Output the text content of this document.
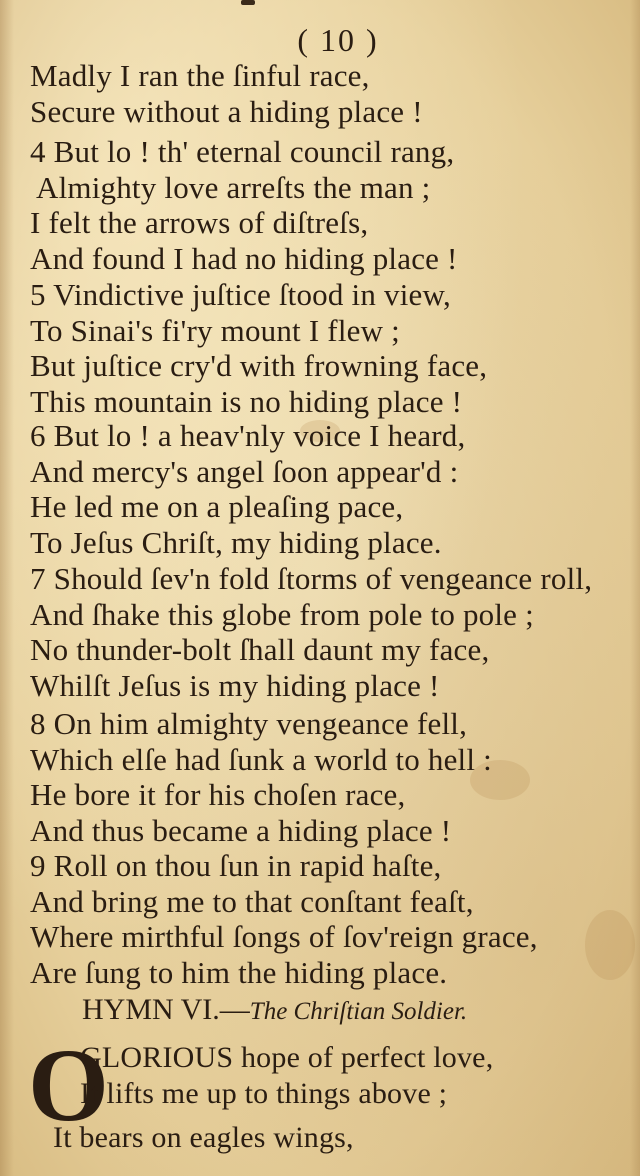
( 10 )
Madly I ran the ſinful race,
Secure without a hiding place !
4 But lo ! th' eternal council rang,
Almighty love arreſts the man ;
I felt the arrows of diſtreſs,
And found I had no hiding place !
5 Vindictive juſtice ſtood in view,
To Sinai's fi'ry mount I flew ;
But juſtice cry'd with frowning face,
This mountain is no hiding place !
6 But lo ! a heav'nly voice I heard,
And mercy's angel ſoon appear'd :
He led me on a pleaſing pace,
To Jeſus Chriſt, my hiding place.
7 Should ſev'n fold ſtorms of vengeance roll,
And ſhake this globe from pole to pole ;
No thunder-bolt ſhall daunt my face,
Whilſt Jeſus is my hiding place !
8 On him almighty vengeance fell,
Which elſe had ſunk a world to hell :
He bore it for his choſen race,
And thus became a hiding place !
9 Roll on thou ſun in rapid haſte,
And bring me to that conſtant feaſt,
Where mirthful ſongs of ſov'reign grace,
Are ſung to him the hiding place.
HYMN VI.—The Chriſtian Soldier.
O
GLORIOUS hope of perfect love,
It lifts me up to things above ;
It bears on eagles wings,
